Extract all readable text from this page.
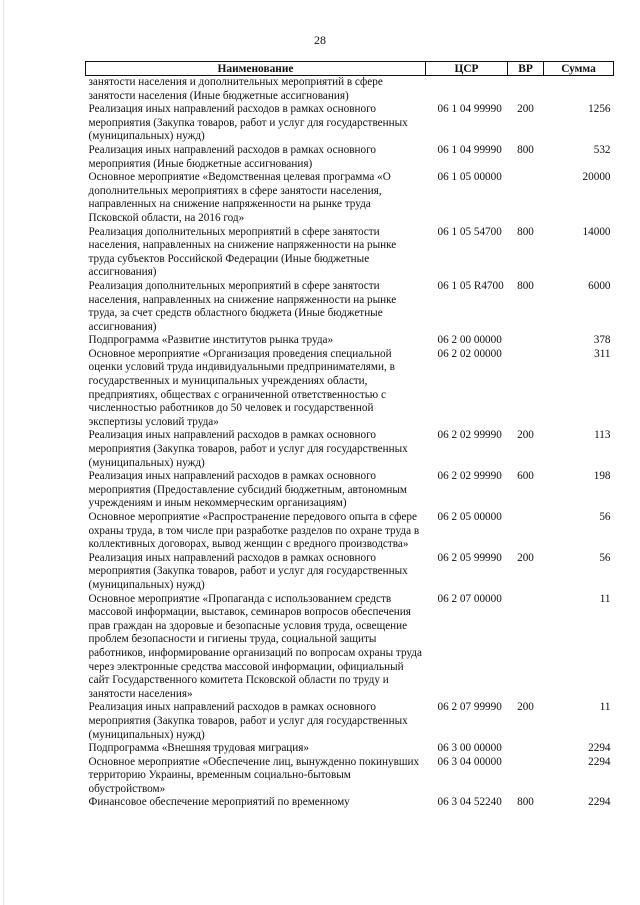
28
Наименование	ЦСР	ВР	Сумма
занятости населения и дополнительных мероприятий в сфере занятости населения (Иные бюджетные ассигнования)			
Реализация иных направлений расходов в рамках основного мероприятия (Закупка товаров, работ и услуг для государственных (муниципальных) нужд)	06 1 04 99990	200	1256
Реализация иных направлений расходов в рамках основного мероприятия (Иные бюджетные ассигнования)	06 1 04 99990	800	532
Основное мероприятие «Ведомственная целевая программа «О дополнительных мероприятиях в сфере занятости населения, направленных на снижение напряженности на рынке труда Псковской области, на 2016 год»	06 1 05 00000		20000
Реализация дополнительных мероприятий в сфере занятости населения, направленных на снижение напряженности на рынке труда субъектов Российской Федерации (Иные бюджетные ассигнования)	06 1 05 54700	800	14000
Реализация дополнительных мероприятий в сфере занятости населения, направленных на снижение напряженности на рынке труда, за счет средств областного бюджета (Иные бюджетные ассигнования)	06 1 05 R4700	800	6000
Подпрограмма «Развитие институтов рынка труда»	06 2 00 00000		378
Основное мероприятие «Организация проведения специальной оценки условий труда индивидуальными предпринимателями, в государственных и муниципальных учреждениях области, предприятиях, обществах с ограниченной ответственностью с численностью работников до 50 человек и государственной экспертизы условий труда»	06 2 02 00000		311
Реализация иных направлений расходов в рамках основного мероприятия (Закупка товаров, работ и услуг для государственных (муниципальных) нужд)	06 2 02 99990	200	113
Реализация иных направлений расходов в рамках основного мероприятия (Предоставление субсидий бюджетным, автономным учреждениям и иным некоммерческим организациям)	06 2 02 99990	600	198
Основное мероприятие «Распространение передового опыта в сфере охраны труда, в том числе при разработке разделов по охране труда в коллективных договорах, вывод женщин с вредного производства»	06 2 05 00000		56
Реализация иных направлений расходов в рамках основного мероприятия (Закупка товаров, работ и услуг для государственных (муниципальных) нужд)	06 2 05 99990	200	56
Основное мероприятие «Пропаганда с использованием средств массовой информации, выставок, семинаров вопросов обеспечения прав граждан на здоровые и безопасные условия труда, освещение проблем безопасности и гигиены труда, социальной защиты работников, информирование организаций по вопросам охраны труда через электронные средства массовой информации, официальный сайт Государственного комитета Псковской области по труду и занятости населения»	06 2 07 00000		11
Реализация иных направлений расходов в рамках основного мероприятия (Закупка товаров, работ и услуг для государственных (муниципальных) нужд)	06 2 07 99990	200	11
Подпрограмма «Внешняя трудовая миграция»	06 3 00 00000		2294
Основное мероприятие «Обеспечение лиц, вынужденно покинувших территорию Украины, временным социально-бытовым обустройством»	06 3 04 00000		2294
Финансовое обеспечение мероприятий по временному	06 3 04 52240	800	2294
